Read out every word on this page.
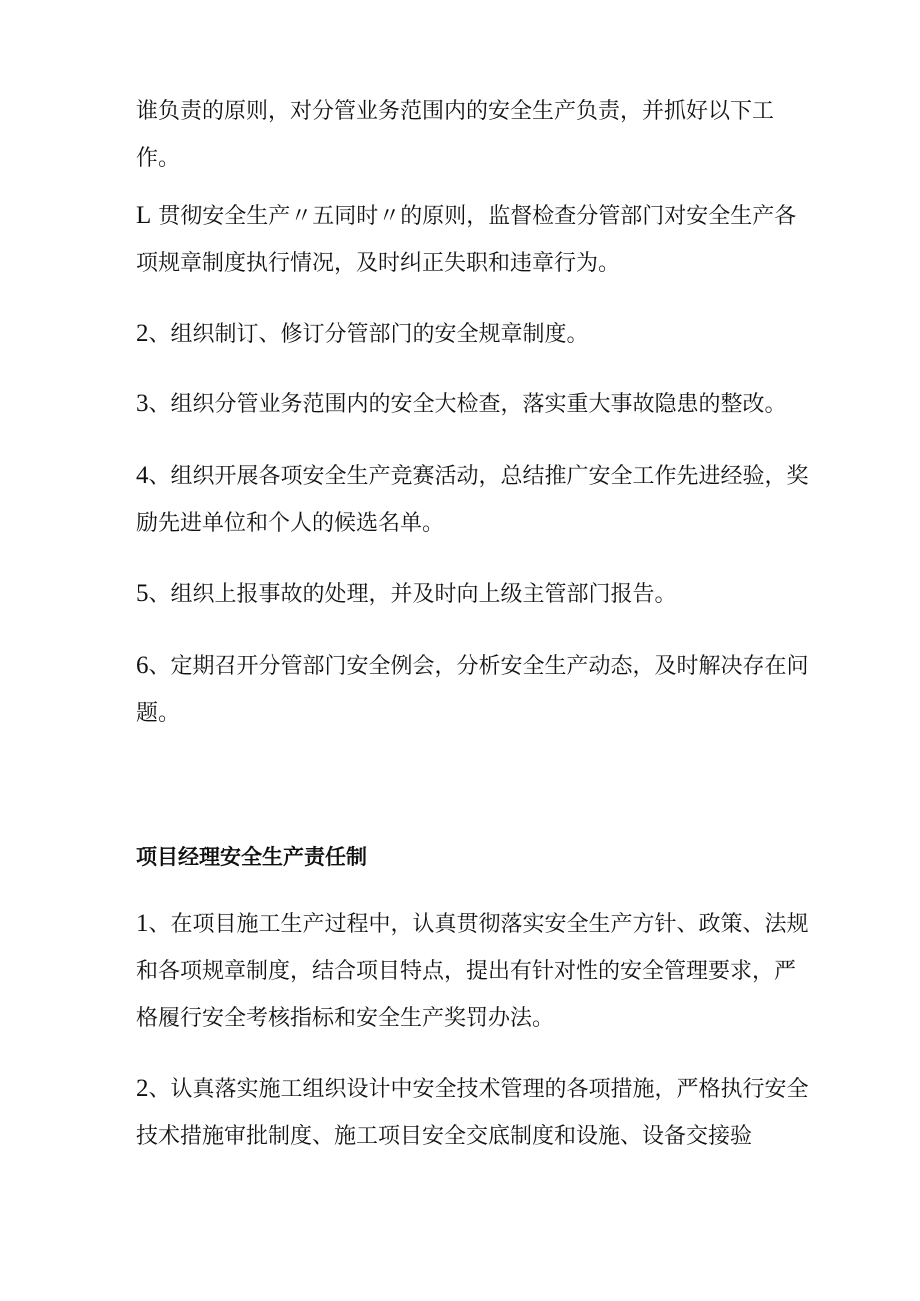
谁负责的原则，对分管业务范围内的安全生产负责，并抓好以下工作。

L 贯彻安全生产〃五同时〃的原则，监督检查分管部门对安全生产各项规章制度执行情况，及时纠正失职和违章行为。

2、组织制订、修订分管部门的安全规章制度。

3、组织分管业务范围内的安全大检查，落实重大事故隐患的整改。

4、组织开展各项安全生产竞赛活动，总结推广安全工作先进经验，奖励先进单位和个人的候选名单。

5、组织上报事故的处理，并及时向上级主管部门报告。

6、定期召开分管部门安全例会，分析安全生产动态，及时解决存在问题。

项目经理安全生产责任制

1、在项目施工生产过程中，认真贯彻落实安全生产方针、政策、法规和各项规章制度，结合项目特点，提出有针对性的安全管理要求，严格履行安全考核指标和安全生产奖罚办法。

2、认真落实施工组织设计中安全技术管理的各项措施，严格执行安全技术措施审批制度、施工项目安全交底制度和设施、设备交接验
